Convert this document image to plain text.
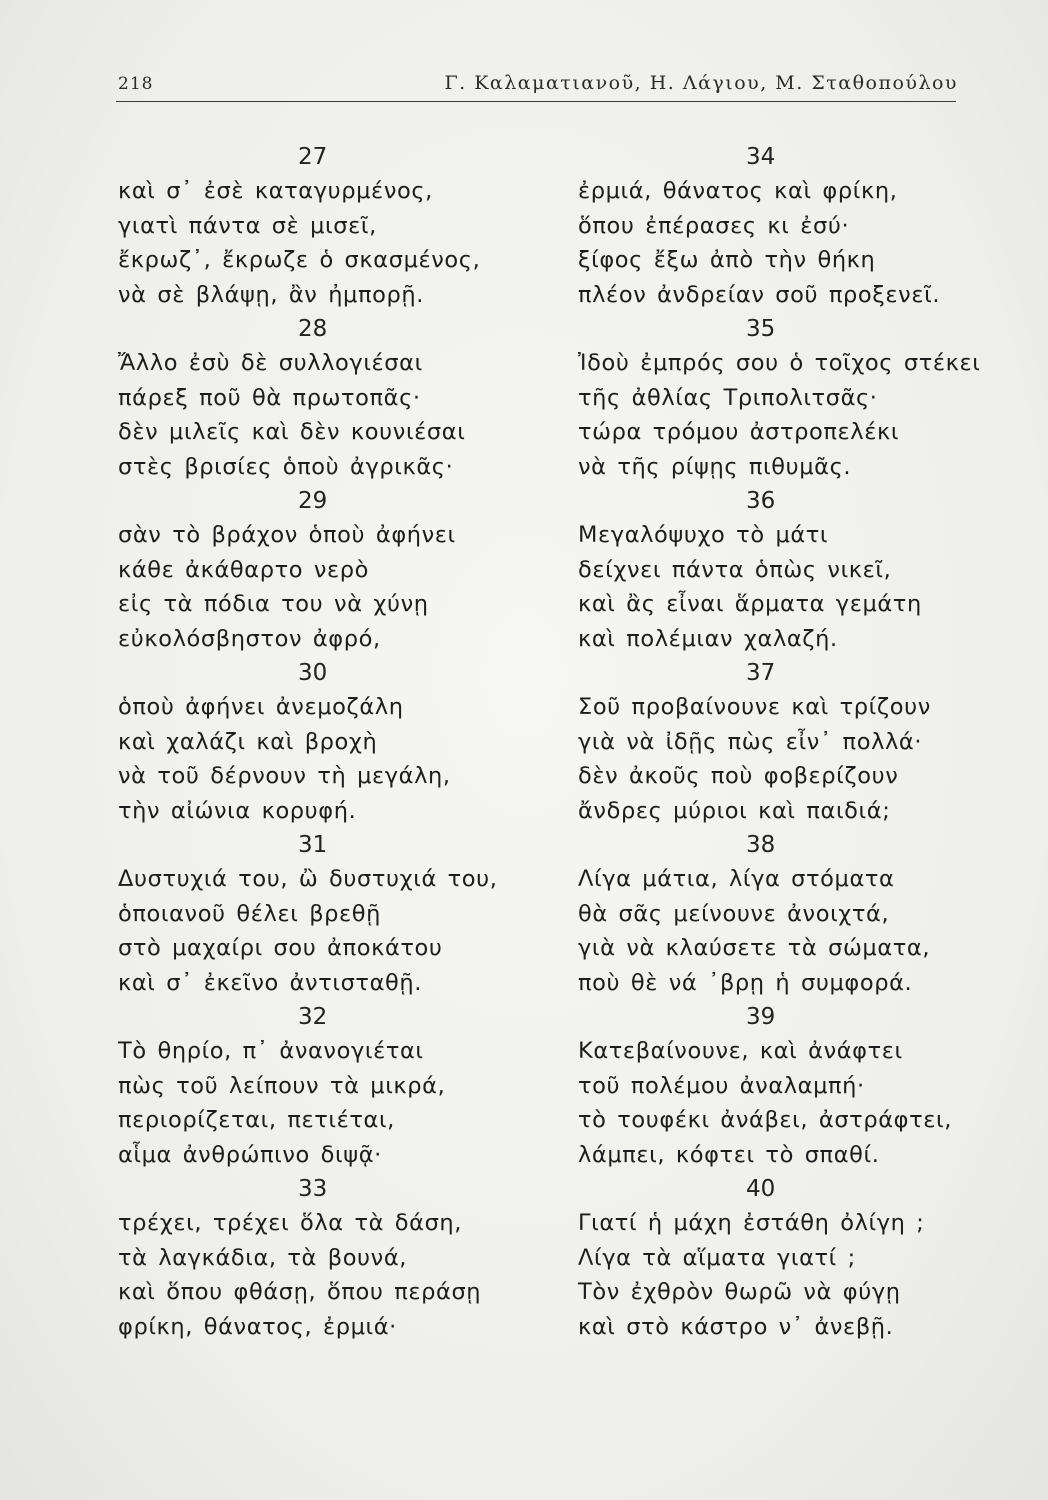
218	Γ. Καλαματιανοῦ, Η. Λάγιου, Μ. Σταθοπούλου
27
καὶ σ᾽ ἐσὲ καταγυρμένος,
γιατὶ πάντα σὲ μισεῖ,
ἔκρωζ᾽, ἔκρωζε ὁ σκασμένος,
νὰ σὲ βλάψῃ, ἂν ἠμπορῇ.
28
Ἄλλο ἐσὺ δὲ συλλογιέσαι
πάρεξ ποῦ θὰ πρωτοπᾶς·
δὲν μιλεῖς καὶ δὲν κουνιέσαι
στὲς βρισίες ὁποὺ ἀγρικᾶς·
29
σὰν τὸ βράχον ὁποὺ ἀφήνει
κάθε ἀκάθαρτο νερὸ
εἰς τὰ πόδια του νὰ χύνῃ
εὐκολόσβηστον ἀφρό,
30
ὁποὺ ἀφήνει ἀνεμοζάλη
καὶ χαλάζι καὶ βροχὴ
νὰ τοῦ δέρνουν τὴ μεγάλη,
τὴν αἰώνια κορυφή.
31
Δυστυχιά του, ὢ δυστυχιά του,
ὁποιανοῦ θέλει βρεθῇ
στὸ μαχαίρι σου ἀποκάτου
καὶ σ᾽ ἐκεῖνο ἀντισταθῇ.
32
Τὸ θηρίο, π᾽ ἀνανογιέται
πὼς τοῦ λείπουν τὰ μικρά,
περιορίζεται, πετιέται,
αἷμα ἀνθρώπινο διψᾷ·
33
τρέχει, τρέχει ὅλα τὰ δάση,
τὰ λαγκάδια, τὰ βουνά,
καὶ ὅπου φθάσῃ, ὅπου περάσῃ
φρίκη, θάνατος, ἐρμιά·
34
ἐρμιά, θάνατος καὶ φρίκη,
ὅπου ἐπέρασες κι ἐσύ·
ξίφος ἔξω ἀπὸ τὴν θήκη
πλέον ἀνδρείαν σοῦ προξενεῖ.
35
Ἰδοὺ ἐμπρός σου ὁ τοῖχος στέκει
τῆς ἀθλίας Τριπολιτσᾶς·
τώρα τρόμου ἀστροπελέκι
νὰ τῆς ρίψῃς πιθυμᾶς.
36
Μεγαλόψυχο τὸ μάτι
δείχνει πάντα ὁπὼς νικεῖ,
καὶ ἂς εἶναι ἅρματα γεμάτη
καὶ πολέμιαν χαλαζή.
37
Σοῦ προβαίνουνε καὶ τρίζουν
γιὰ νὰ ἰδῇς πὼς εἶν᾽ πολλά·
δὲν ἀκοῦς ποὺ φοβερίζουν
ἄνδρες μύριοι καὶ παιδιά;
38
Λίγα μάτια, λίγα στόματα
θὰ σᾶς μείνουνε ἀνοιχτά,
γιὰ νὰ κλαύσετε τὰ σώματα,
ποὺ θὲ νά ᾽βρῃ ἡ συμφορά.
39
Κατεβαίνουνε, καὶ ἀνάφτει
τοῦ πολέμου ἀναλαμπή·
τὸ τουφέκι ἀνάβει, ἀστράφτει,
λάμπει, κόφτει τὸ σπαθί.
40
Γιατί ἡ μάχη ἐστάθη ὀλίγη ;
Λίγα τὰ αἵματα γιατί ;
Τὸν ἐχθρὸν θωρῶ νὰ φύγῃ
καὶ στὸ κάστρο ν᾽ ἀνεβῇ.
